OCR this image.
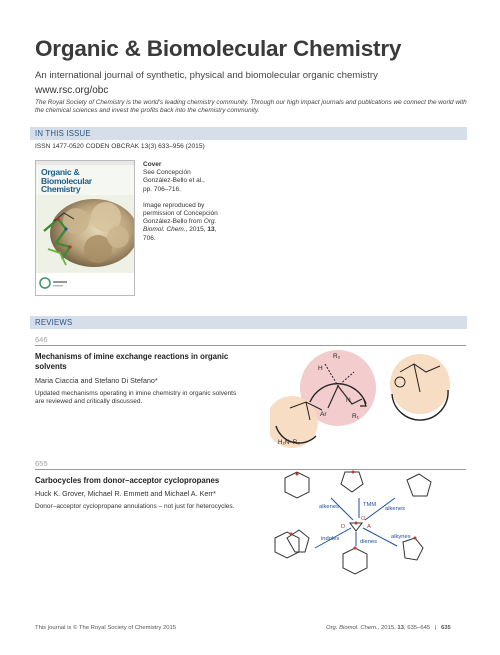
Organic & Biomolecular Chemistry
An international journal of synthetic, physical and biomolecular organic chemistry
www.rsc.org/obc
The Royal Society of Chemistry is the world’s leading chemistry community. Through our high impact journals and publications we connect the world with the chemical sciences and invest the profits back into the chemistry community.
IN THIS ISSUE
ISSN 1477-0520 CODEN OBCRAK 13(3) 633–956 (2015)
Organic &
Biomolecular
Chemistry
Cover
See Concepción González-Bello et al.,
pp. 706–716.
Image reproduced by permission of Concepción González-Bello from Org. Biomol. Chem., 2015, 13, 706.
REVIEWS
646
Mechanisms of imine exchange reactions in organic solvents
Maria Ciaccia and Stefano Di Stefano*
Updated mechanisms operating in imine chemistry in organic solvents are reviewed and critically discussed.
R₂
H
N
Ar	R₁
H₂N–R₃
655
Carbocycles from donor–acceptor cyclopropanes
Huck K. Grover, Michael R. Emmett and Michael A. Kerr*
Donor–acceptor cyclopropane annulations – not just for heterocycles.	alkenes	TMM
alkenes
indoles	dienes
alkynes
D	A
O
This journal is © The Royal Society of Chemistry 2015	Org. Biomol. Chem., 2015, 13, 635–645 | 635
